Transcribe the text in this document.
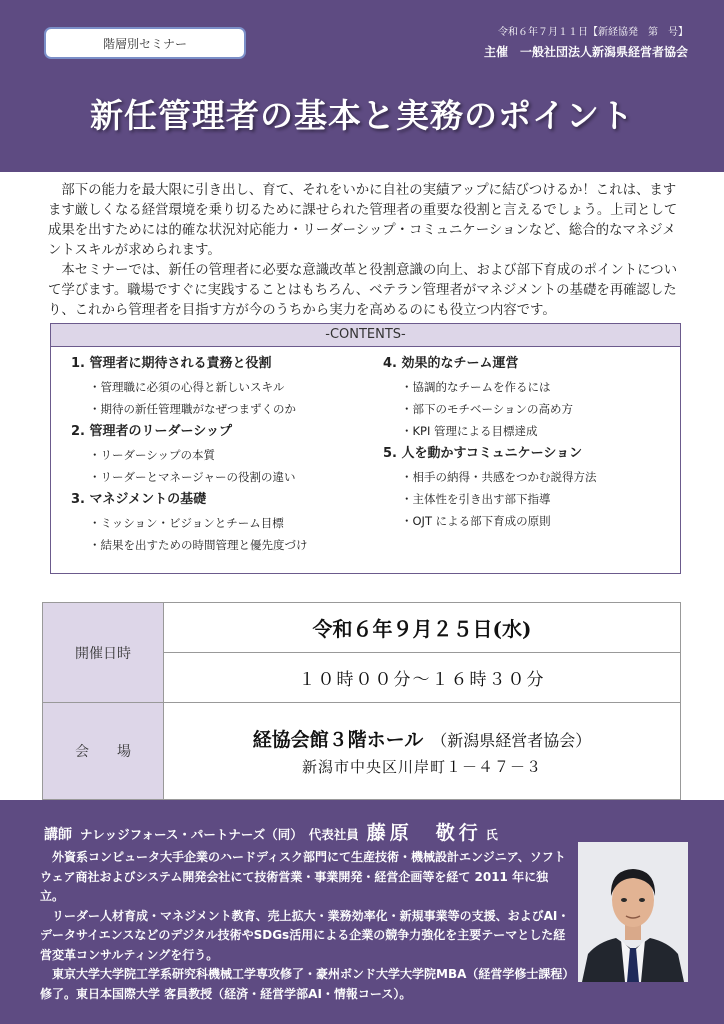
階層別セミナー
令和６年７月１１日【新経協発　第　号】
主催　一般社団法人新潟県経営者協会
新任管理者の基本と実務のポイント

部下の能力を最大限に引き出し、育て、それをいかに自社の実績アップに結びつけるか！これは、ますます厳しくなる経営環境を乗り切るために課せられた管理者の重要な役割と言えるでしょう。上司として成果を出すためには的確な状況対応能力・リーダーシップ・コミュニケーションなど、総合的なマネジメントスキルが求められます。

本セミナーでは、新任の管理者に必要な意識改革と役割意識の向上、および部下育成のポイントについて学びます。職場ですぐに実践することはもちろん、ベテラン管理者がマネジメントの基礎を再確認したり、これから管理者を目指す方が今のうちから実力を高めるのにも役立つ内容です。

-CONTENTS-
1. 管理者に期待される責務と役割
・管理職に必須の心得と新しいスキル
・期待の新任管理職がなぜつまずくのか
2. 管理者のリーダーシップ
・リーダーシップの本質
・リーダーとマネージャーの役割の違い
3. マネジメントの基礎
・ミッション・ビジョンとチーム目標
・結果を出すための時間管理と優先度づけ
4. 効果的なチーム運営
・協調的なチームを作るには
・部下のモチベーションの高め方
・KPI 管理による目標達成
5. 人を動かすコミュニケーション
・相手の納得・共感をつかむ説得方法
・主体性を引き出す部下指導
・OJT による部下育成の原則
開催日時
会　　場
令和６年９月２５日(水)
１０時００分～１６時３０分
経協会館３階ホール （新潟県経営者協会）
新潟市中央区川岸町１－４７－３
講師 ナレッジフォース・パートナーズ（同） 代表社員 藤原　敬行 氏

外資系コンピュータ大手企業のハードディスク部門にて生産技術・機械設計エンジニア、ソフトウェア商社およびシステム開発会社にて技術営業・事業開発・経営企画等を経て 2011 年に独立。

リーダー人材育成・マネジメント教育、売上拡大・業務効率化・新規事業等の支援、およびAI・データサイエンスなどのデジタル技術やSDGs活用による企業の競争力強化を主要テーマとした経営変革コンサルティングを行う。

東京大学大学院工学系研究科機械工学専攻修了・豪州ボンド大学大学院MBA（経営学修士課程）修了。東日本国際大学 客員教授（経済・経営学部AI・情報コース）。
